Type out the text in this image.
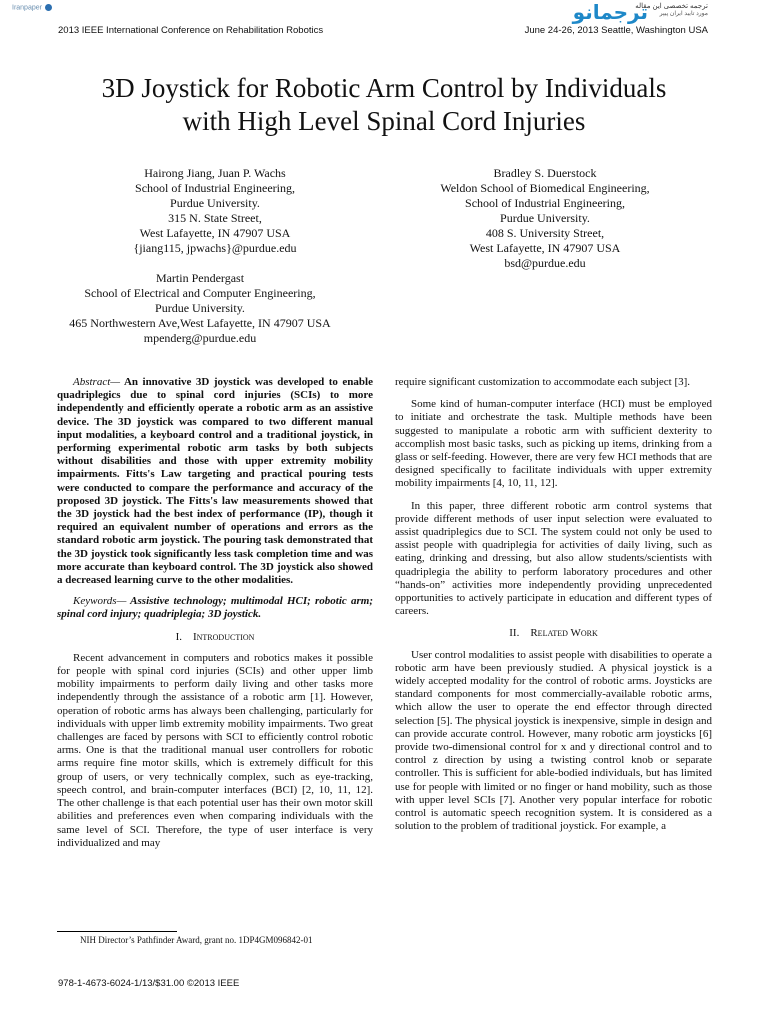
Iranpaper	ترجمه تخصصی این مقاله
مورد تایید ایران پیپر
ترجمانو
2013 IEEE International Conference on Rehabilitation Robotics	June 24-26, 2013 Seattle, Washington USA
3D Joystick for Robotic Arm Control by Individuals
with High Level Spinal Cord Injuries
Hairong Jiang, Juan P. Wachs
School of Industrial Engineering,
Purdue University.
315 N. State Street,
West Lafayette, IN 47907 USA
{jiang115, jpwachs}@purdue.edu
Bradley S. Duerstock
Weldon School of Biomedical Engineering,
School of Industrial Engineering,
Purdue University.
408 S. University Street,
West Lafayette, IN 47907 USA
bsd@purdue.edu
Martin Pendergast
School of Electrical and Computer Engineering,
Purdue University.
465 Northwestern Ave,West Lafayette, IN 47907 USA
mpenderg@purdue.edu

Abstract— An innovative 3D joystick was developed to enable quadriplegics due to spinal cord injuries (SCIs) to more independently and efficiently operate a robotic arm as an assistive device. The 3D joystick was compared to two different manual input modalities, a keyboard control and a traditional joystick, in performing experimental robotic arm tasks by both subjects without disabilities and those with upper extremity mobility impairments. Fitts's Law targeting and practical pouring tests were conducted to compare the performance and accuracy of the proposed 3D joystick. The Fitts's law measurements showed that the 3D joystick had the best index of performance (IP), though it required an equivalent number of operations and errors as the standard robotic arm joystick. The pouring task demonstrated that the 3D joystick took significantly less task completion time and was more accurate than keyboard control. The 3D joystick also showed a decreased learning curve to the other modalities.

Keywords— Assistive technology; multimodal HCI; robotic arm; spinal cord injury; quadriplegia; 3D joystick.

I. Introduction

Recent advancement in computers and robotics makes it possible for people with spinal cord injuries (SCIs) and other upper limb mobility impairments to perform daily living and other tasks more independently through the assistance of a robotic arm [1]. However, operation of robotic arms has always been challenging, particularly for individuals with upper limb extremity mobility impairments. Two great challenges are faced by persons with SCI to efficiently control robotic arms. One is that the traditional manual user controllers for robotic arms require fine motor skills, which is extremely difficult for this group of users, or very technically complex, such as eye-tracking, speech control, and brain-computer interfaces (BCI) [2, 10, 11, 12]. The other challenge is that each potential user has their own motor skill abilities and preferences even when comparing individuals with the same level of SCI. Therefore, the type of user interface is very individualized and may

require significant customization to accommodate each subject [3].

Some kind of human-computer interface (HCI) must be employed to initiate and orchestrate the task. Multiple methods have been suggested to manipulate a robotic arm with sufficient dexterity to accomplish most basic tasks, such as picking up items, drinking from a glass or self-feeding. However, there are very few HCI methods that are designed specifically to facilitate individuals with upper extremity mobility impairments [4, 10, 11, 12].

In this paper, three different robotic arm control systems that provide different methods of user input selection were evaluated to assist quadriplegics due to SCI. The system could not only be used to assist people with quadriplegia for activities of daily living, such as eating, drinking and dressing, but also allow students/scientists with quadriplegia the ability to perform laboratory procedures and other “hands-on” activities more independently providing unprecedented opportunities to actively participate in education and different types of careers.

II. Related Work

User control modalities to assist people with disabilities to operate a robotic arm have been previously studied. A physical joystick is a widely accepted modality for the control of robotic arms. Joysticks are standard components for most commercially-available robotic arms, which allow the user to operate the end effector through directed selection [5]. The physical joystick is inexpensive, simple in design and can provide accurate control. However, many robotic arm joysticks [6] provide two-dimensional control for x and y directional control and to control z direction by using a twisting control knob or separate controller. This is sufficient for able-bodied individuals, but has limited use for people with limited or no finger or hand mobility, such as those with upper level SCIs [7]. Another very popular interface for robotic control is automatic speech recognition system. It is considered as a solution to the problem of traditional joystick. For example, a

NIH Director’s Pathfinder Award, grant no. 1DP4GM096842-01
978-1-4673-6024-1/13/$31.00 ©2013 IEEE
